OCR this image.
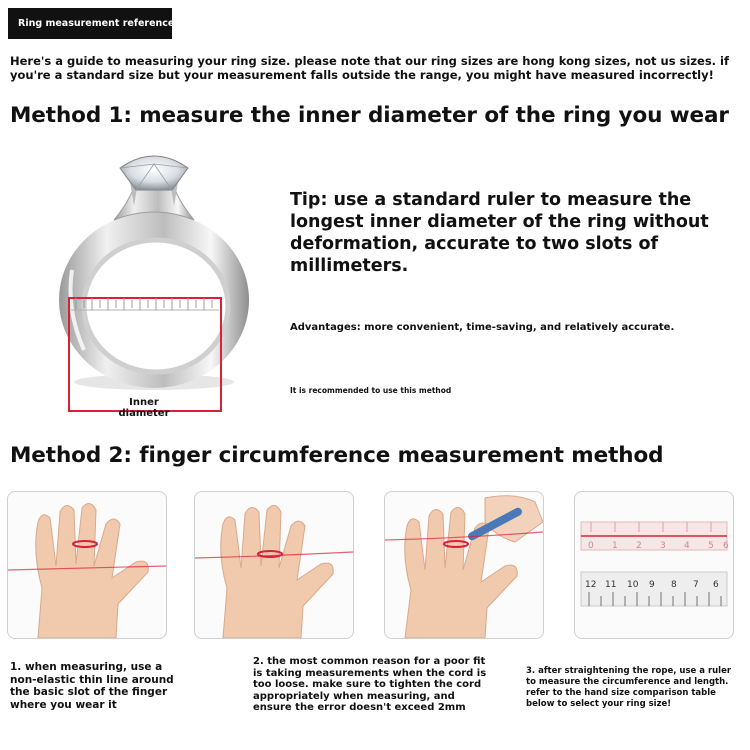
Ring measurement reference
Here's a guide to measuring your ring size. please note that our ring sizes are hong kong sizes, not us sizes. if you're a standard size but your measurement falls outside the range, you might have measured incorrectly!
Method 1: measure the inner diameter of the ring you wear
Inner diameter
Tip: use a standard ruler to measure the longest inner diameter of the ring without deformation, accurate to two slots of millimeters.
Advantages: more convenient, time-saving, and relatively accurate.
It is recommended to use this method
Method 2: finger circumference measurement method
0 1 2 3 4 5 6
12 11 10 9 8 7 6
1. when measuring, use a non-elastic thin line around the basic slot of the finger where you wear it
2. the most common reason for a poor fit is taking measurements when the cord is too loose. make sure to tighten the cord appropriately when measuring, and ensure the error doesn't exceed 2mm
3. after straightening the rope, use a ruler to measure the circumference and length. refer to the hand size comparison table below to select your ring size!
